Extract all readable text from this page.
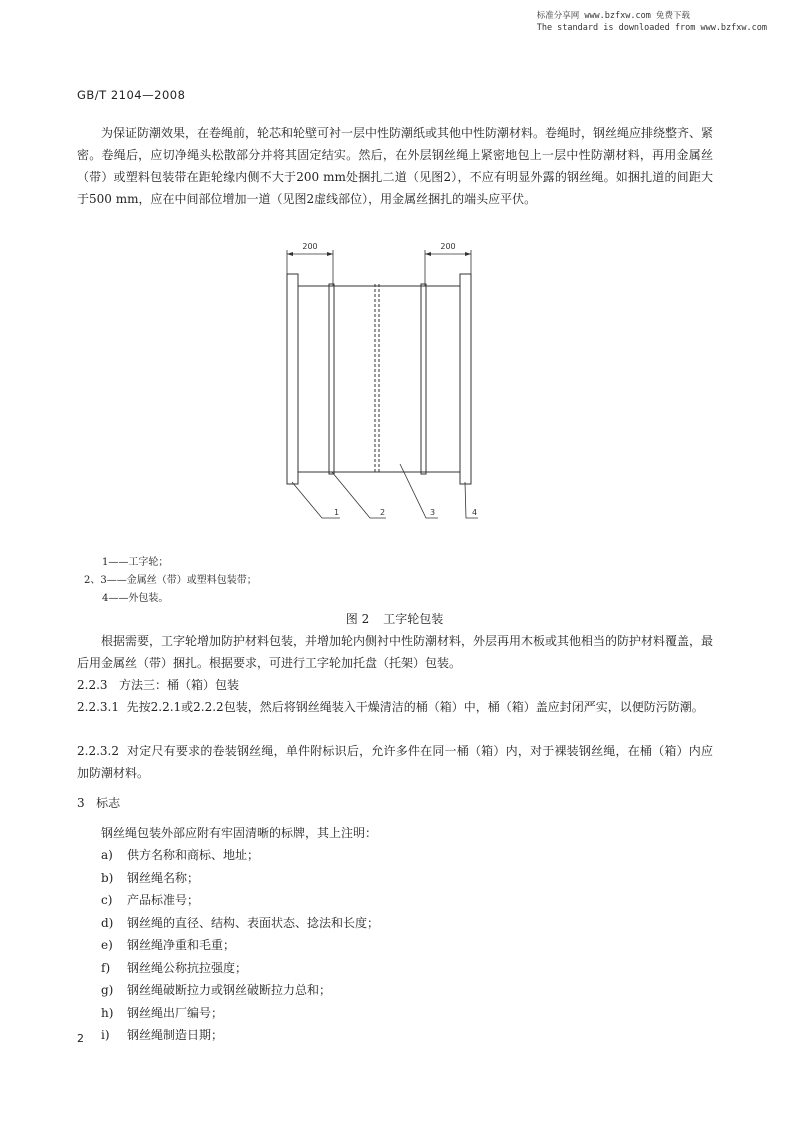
标准分享网 www.bzfxw.com 免费下载
The standard is downloaded from www.bzfxw.com
GB/T 2104—2008
为保证防潮效果，在卷绳前，轮芯和轮壁可衬一层中性防潮纸或其他中性防潮材料。卷绳时，钢丝绳应排绕整齐、紧密。卷绳后，应切净绳头松散部分并将其固定结实。然后，在外层钢丝绳上紧密地包上一层中性防潮材料，再用金属丝（带）或塑料包装带在距轮缘内侧不大于200 mm处捆扎二道（见图2），不应有明显外露的钢丝绳。如捆扎道的间距大于500 mm，应在中间部位增加一道（见图2虚线部位），用金属丝捆扎的端头应平伏。
200	200
1	2	3	4
1——工字轮；
2、3——金属丝（带）或塑料包装带；
4——外包装。
图 2 工字轮包装
根据需要，工字轮增加防护材料包装，并增加轮内侧衬中性防潮材料，外层再用木板或其他相当的防护材料覆盖，最后用金属丝（带）捆扎。根据要求，可进行工字轮加托盘（托架）包装。
2.2.3 方法三：桶（箱）包装
2.2.3.1 先按2.2.1或2.2.2包装，然后将钢丝绳装入干燥清洁的桶（箱）中，桶（箱）盖应封闭严实，以便防污防潮。
2.2.3.2 对定尺有要求的卷装钢丝绳，单件附标识后，允许多件在同一桶（箱）内，对于裸装钢丝绳，在桶（箱）内应加防潮材料。
3 标志
钢丝绳包装外部应附有牢固清晰的标牌，其上注明：
a) 供方名称和商标、地址；
b) 钢丝绳名称；
c) 产品标准号；
d) 钢丝绳的直径、结构、表面状态、捻法和长度；
e) 钢丝绳净重和毛重；
f) 钢丝绳公称抗拉强度；
g) 钢丝绳破断拉力或钢丝破断拉力总和；
h) 钢丝绳出厂编号；
i) 钢丝绳制造日期；
2
